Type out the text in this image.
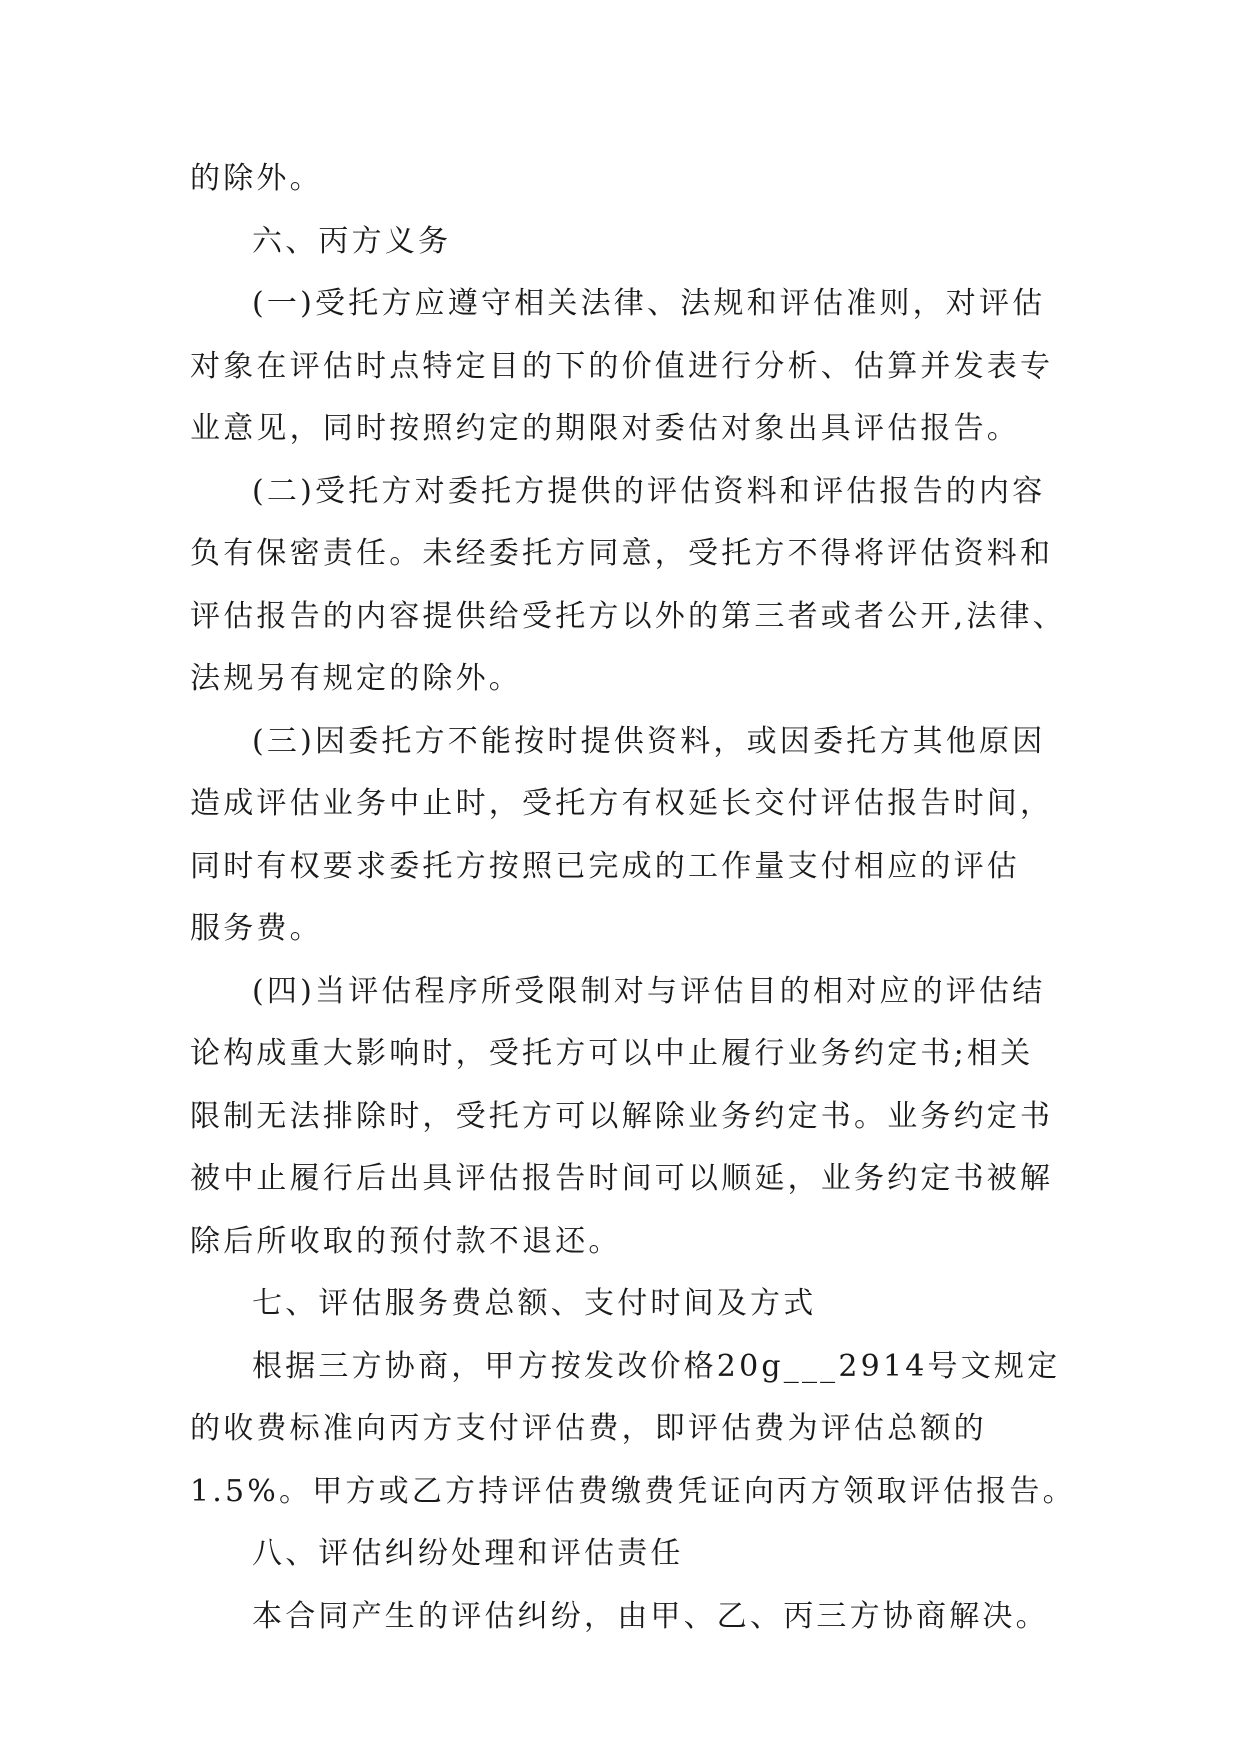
的除外。
六、丙方义务
(一)受托方应遵守相关法律、法规和评估准则，对评估
对象在评估时点特定目的下的价值进行分析、估算并发表专
业意见，同时按照约定的期限对委估对象出具评估报告。
(二)受托方对委托方提供的评估资料和评估报告的内容
负有保密责任。未经委托方同意，受托方不得将评估资料和
评估报告的内容提供给受托方以外的第三者或者公开,法律、
法规另有规定的除外。
(三)因委托方不能按时提供资料，或因委托方其他原因
造成评估业务中止时，受托方有权延长交付评估报告时间，
同时有权要求委托方按照已完成的工作量支付相应的评估
服务费。
(四)当评估程序所受限制对与评估目的相对应的评估结
论构成重大影响时，受托方可以中止履行业务约定书;相关
限制无法排除时，受托方可以解除业务约定书。业务约定书
被中止履行后出具评估报告时间可以顺延，业务约定书被解
除后所收取的预付款不退还。
七、评估服务费总额、支付时间及方式
根据三方协商，甲方按发改价格20g___2914号文规定
的收费标准向丙方支付评估费，即评估费为评估总额的
1.5%。甲方或乙方持评估费缴费凭证向丙方领取评估报告。
八、评估纠纷处理和评估责任
本合同产生的评估纠纷，由甲、乙、丙三方协商解决。
